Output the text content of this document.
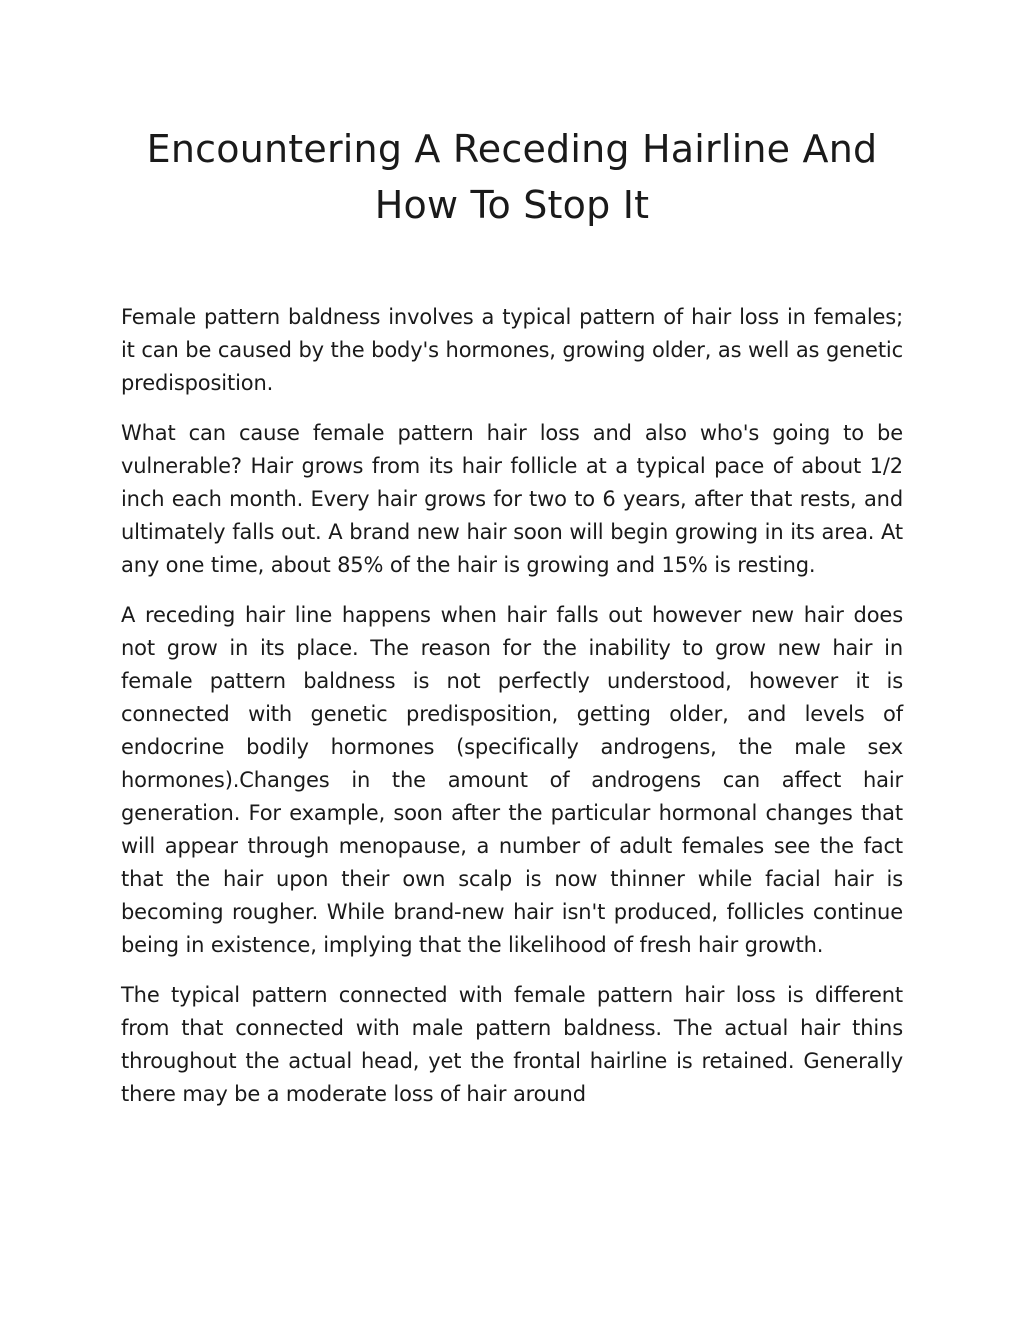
Encountering A Receding Hairline And
How To Stop It

Female pattern baldness involves a typical pattern of hair loss in females; it can be caused by the body's hormones, growing older, as well as genetic predisposition.

What can cause female pattern hair loss and also who's going to be vulnerable? Hair grows from its hair follicle at a typical pace of about 1/2 inch each month. Every hair grows for two to 6 years, after that rests, and ultimately falls out. A brand new hair soon will begin growing in its area. At any one time, about 85% of the hair is growing and 15% is resting.

A receding hair line happens when hair falls out however new hair does not grow in its place. The reason for the inability to grow new hair in female pattern baldness is not perfectly understood, however it is connected with genetic predisposition, getting older, and levels of endocrine bodily hormones (specifically androgens, the male sex hormones).Changes in the amount of androgens can affect hair generation. For example, soon after the particular hormonal changes that will appear through menopause, a number of adult females see the fact that the hair upon their own scalp is now thinner while facial hair is becoming rougher. While brand-new hair isn't produced, follicles continue being in existence, implying that the likelihood of fresh hair growth.

The typical pattern connected with female pattern hair loss is different from that connected with male pattern baldness. The actual hair thins throughout the actual head, yet the frontal hairline is retained. Generally there may be a moderate loss of hair around
